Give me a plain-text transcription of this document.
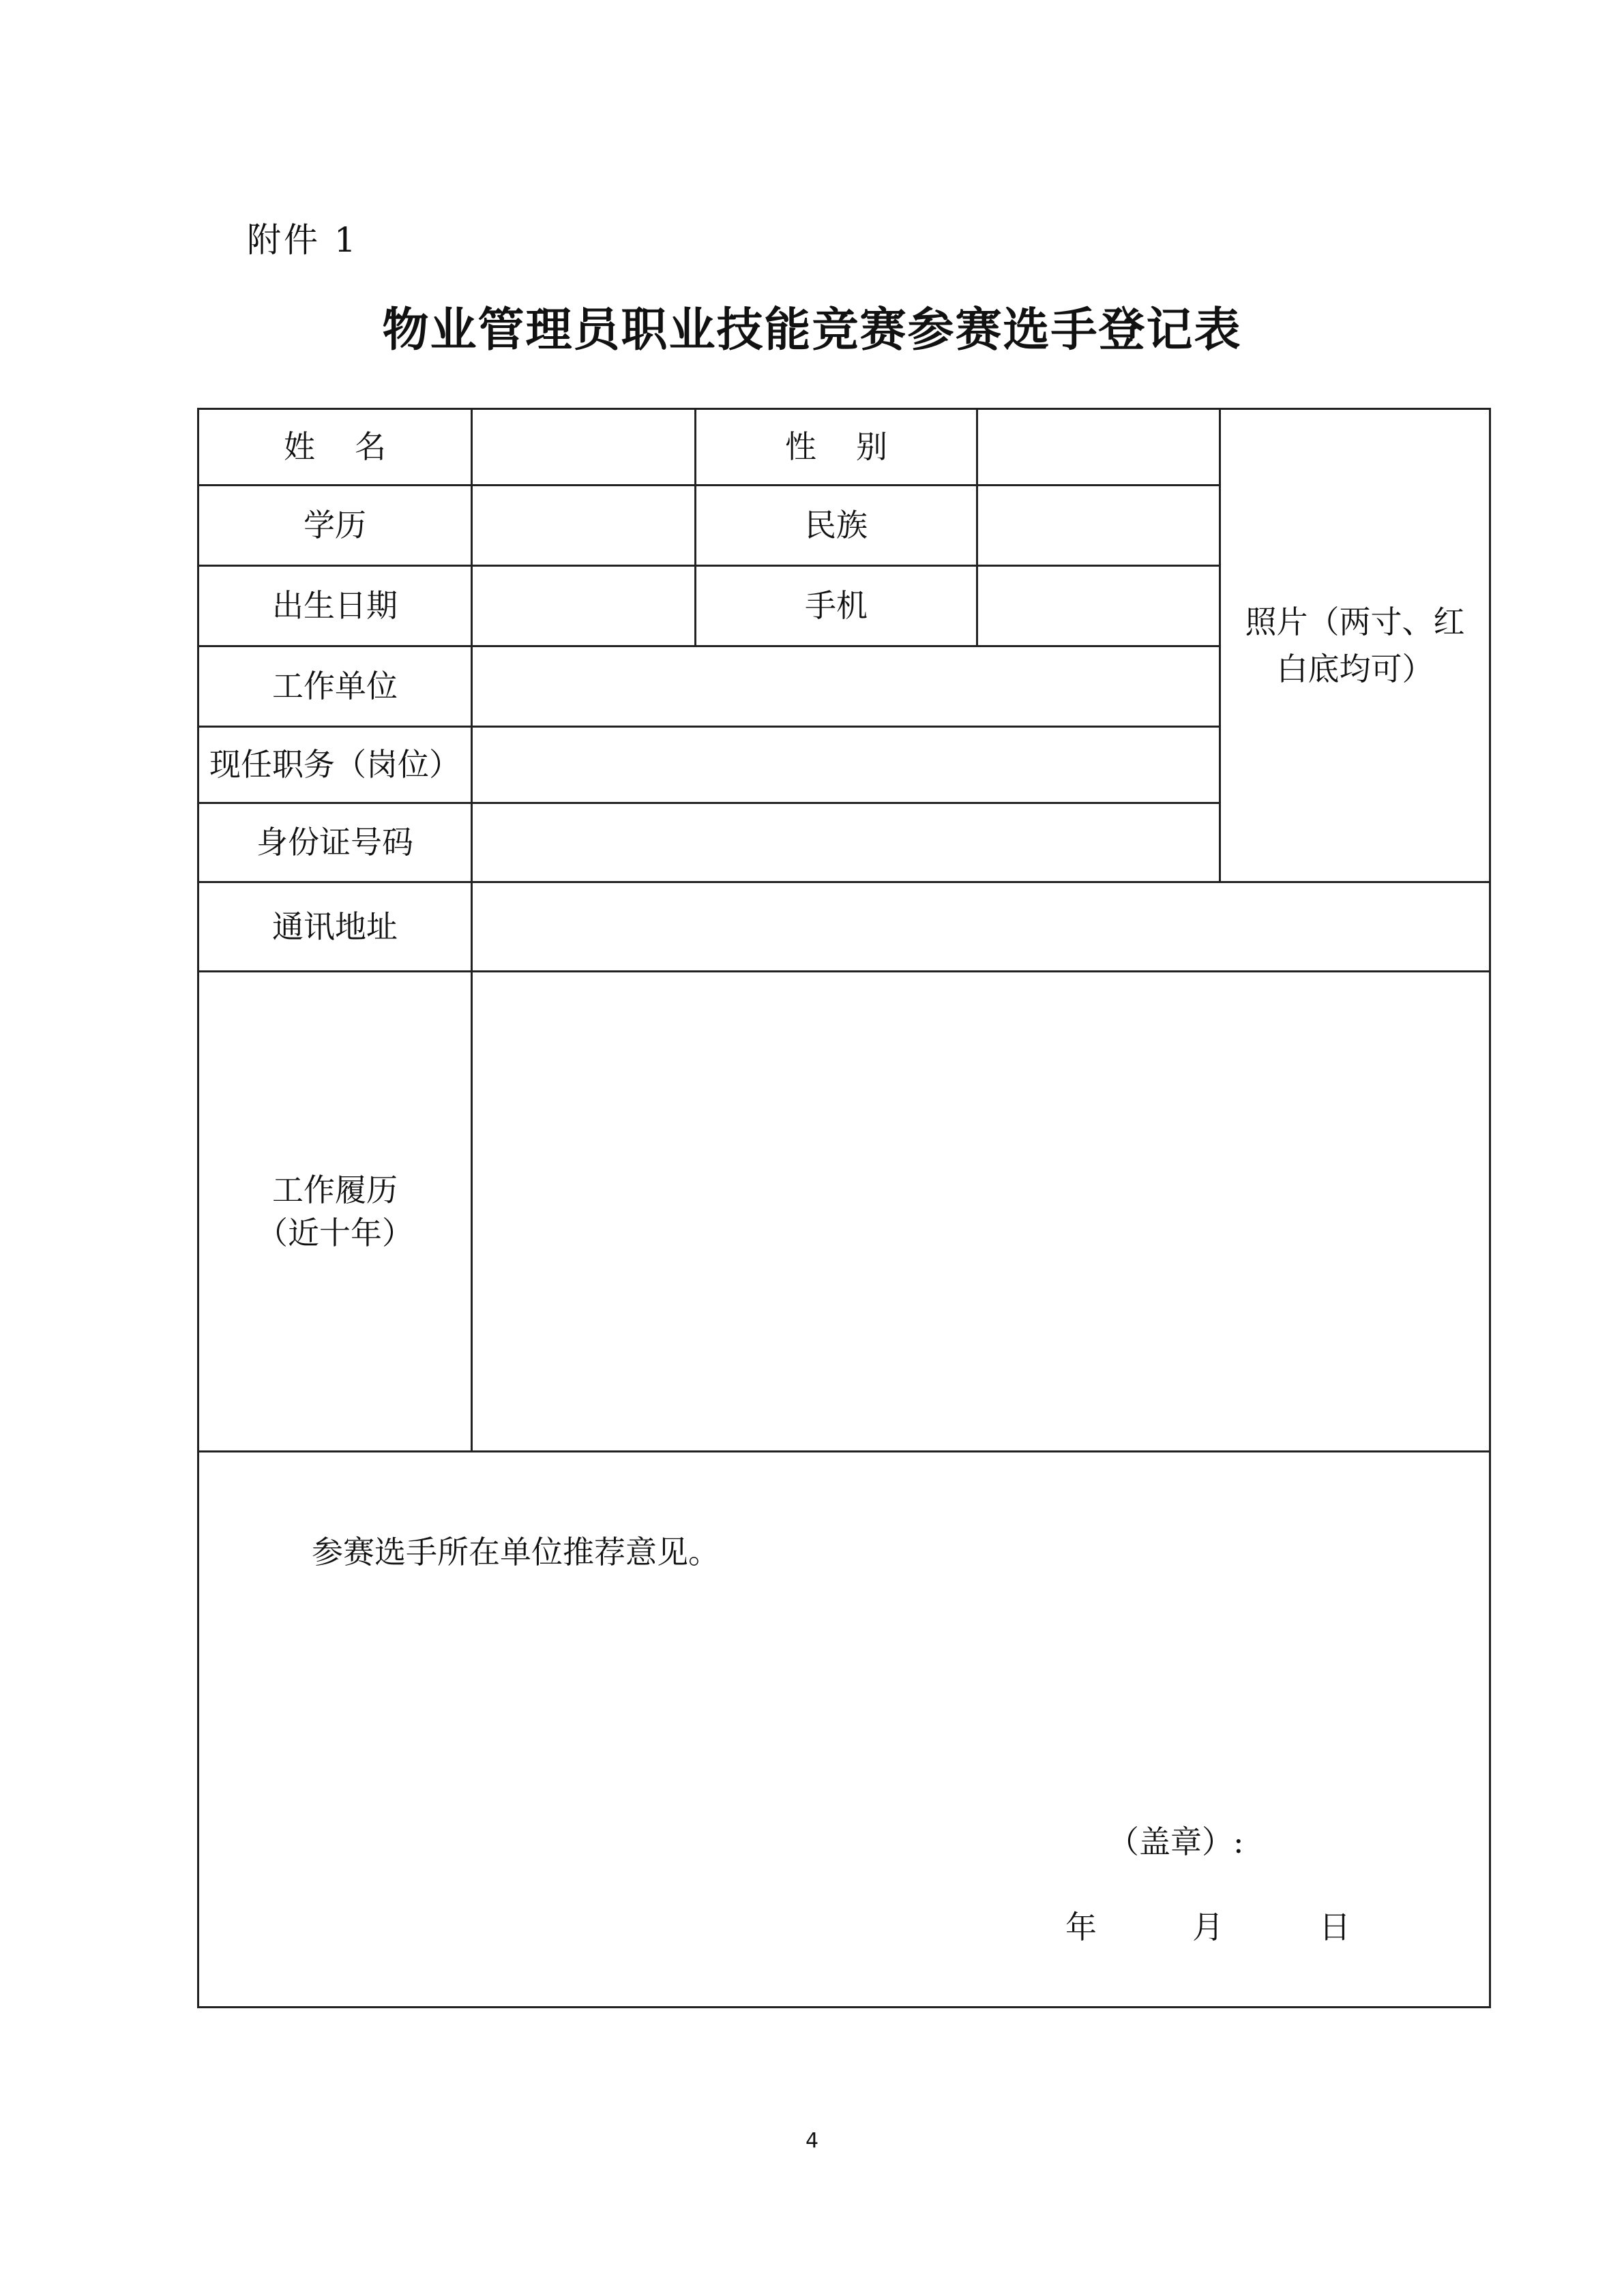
附件 1
物业管理员职业技能竞赛参赛选手登记表
姓名		性别		照片（两寸、红白底均可）

学历		民族		
出生日期		手机		
工作单位				
现任职务（岗位）				
身份证号码				
通讯地址				

工作履历
（近十年）				

参赛选手所在单位推荐意见。
（盖章）:
年 月 日				
4
